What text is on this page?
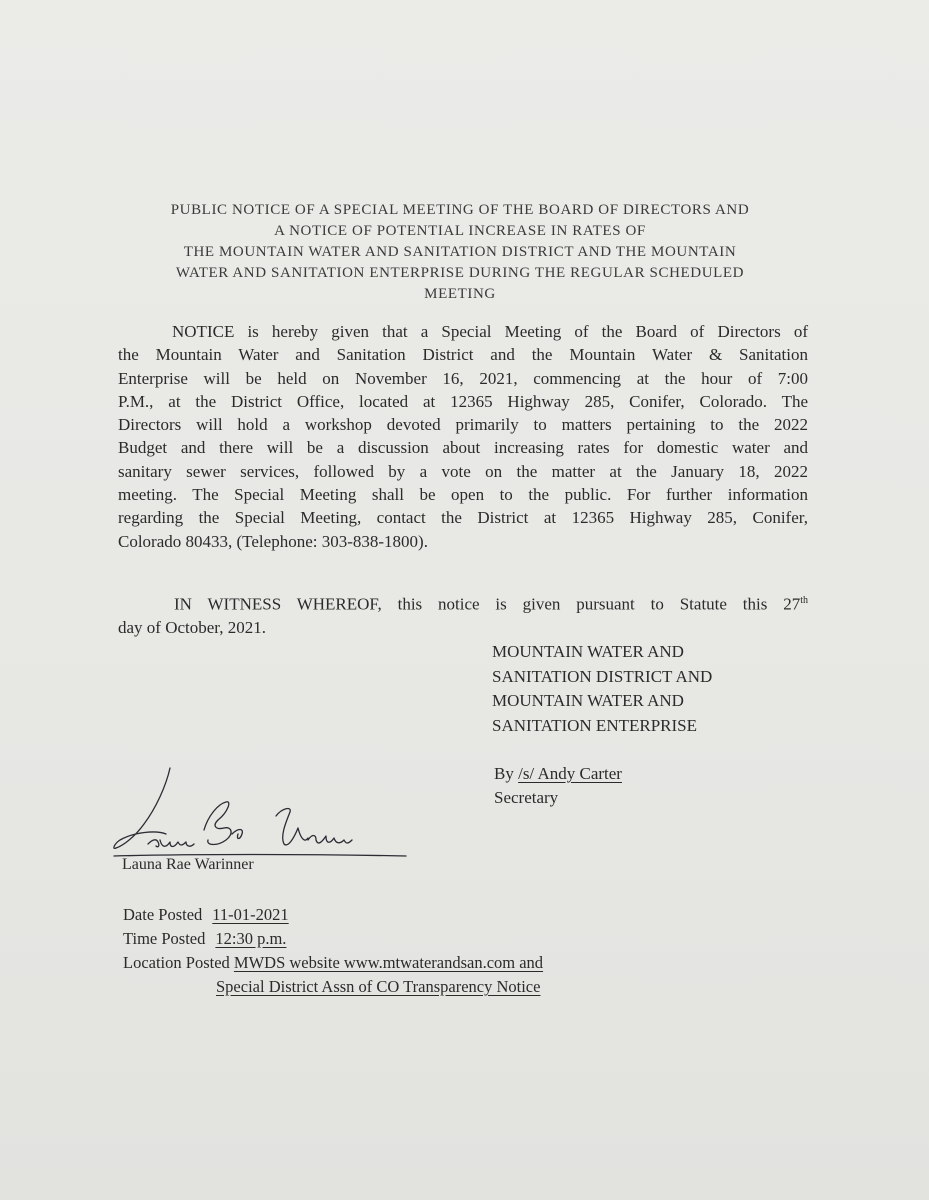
PUBLIC NOTICE OF A SPECIAL MEETING OF THE BOARD OF DIRECTORS AND
A NOTICE OF POTENTIAL INCREASE IN RATES OF
THE MOUNTAIN WATER AND SANITATION DISTRICT AND THE MOUNTAIN
WATER AND SANITATION ENTERPRISE DURING THE REGULAR SCHEDULED
MEETING
NOTICE is hereby given that a Special Meeting of the Board of Directors of
the Mountain Water and Sanitation District and the Mountain Water & Sanitation
Enterprise will be held on November 16, 2021, commencing at the hour of 7:00
P.M., at the District Office, located at 12365 Highway 285, Conifer, Colorado. The
Directors will hold a workshop devoted primarily to matters pertaining to the 2022
Budget and there will be a discussion about increasing rates for domestic water and
sanitary sewer services, followed by a vote on the matter at the January 18, 2022
meeting. The Special Meeting shall be open to the public. For further information
regarding the Special Meeting, contact the District at 12365 Highway 285, Conifer,
Colorado 80433, (Telephone: 303-838-1800).
IN WITNESS WHEREOF, this notice is given pursuant to Statute this 27th
day of October, 2021.
MOUNTAIN WATER AND
SANITATION DISTRICT AND
MOUNTAIN WATER AND
SANITATION ENTERPRISE
By /s/ Andy Carter
Secretary
Launa Rae Warinner
Date Posted 11-01-2021
Time Posted 12:30 p.m.
Location Posted MWDS website www.mtwaterandsan.com and
Special District Assn of CO Transparency Notice
